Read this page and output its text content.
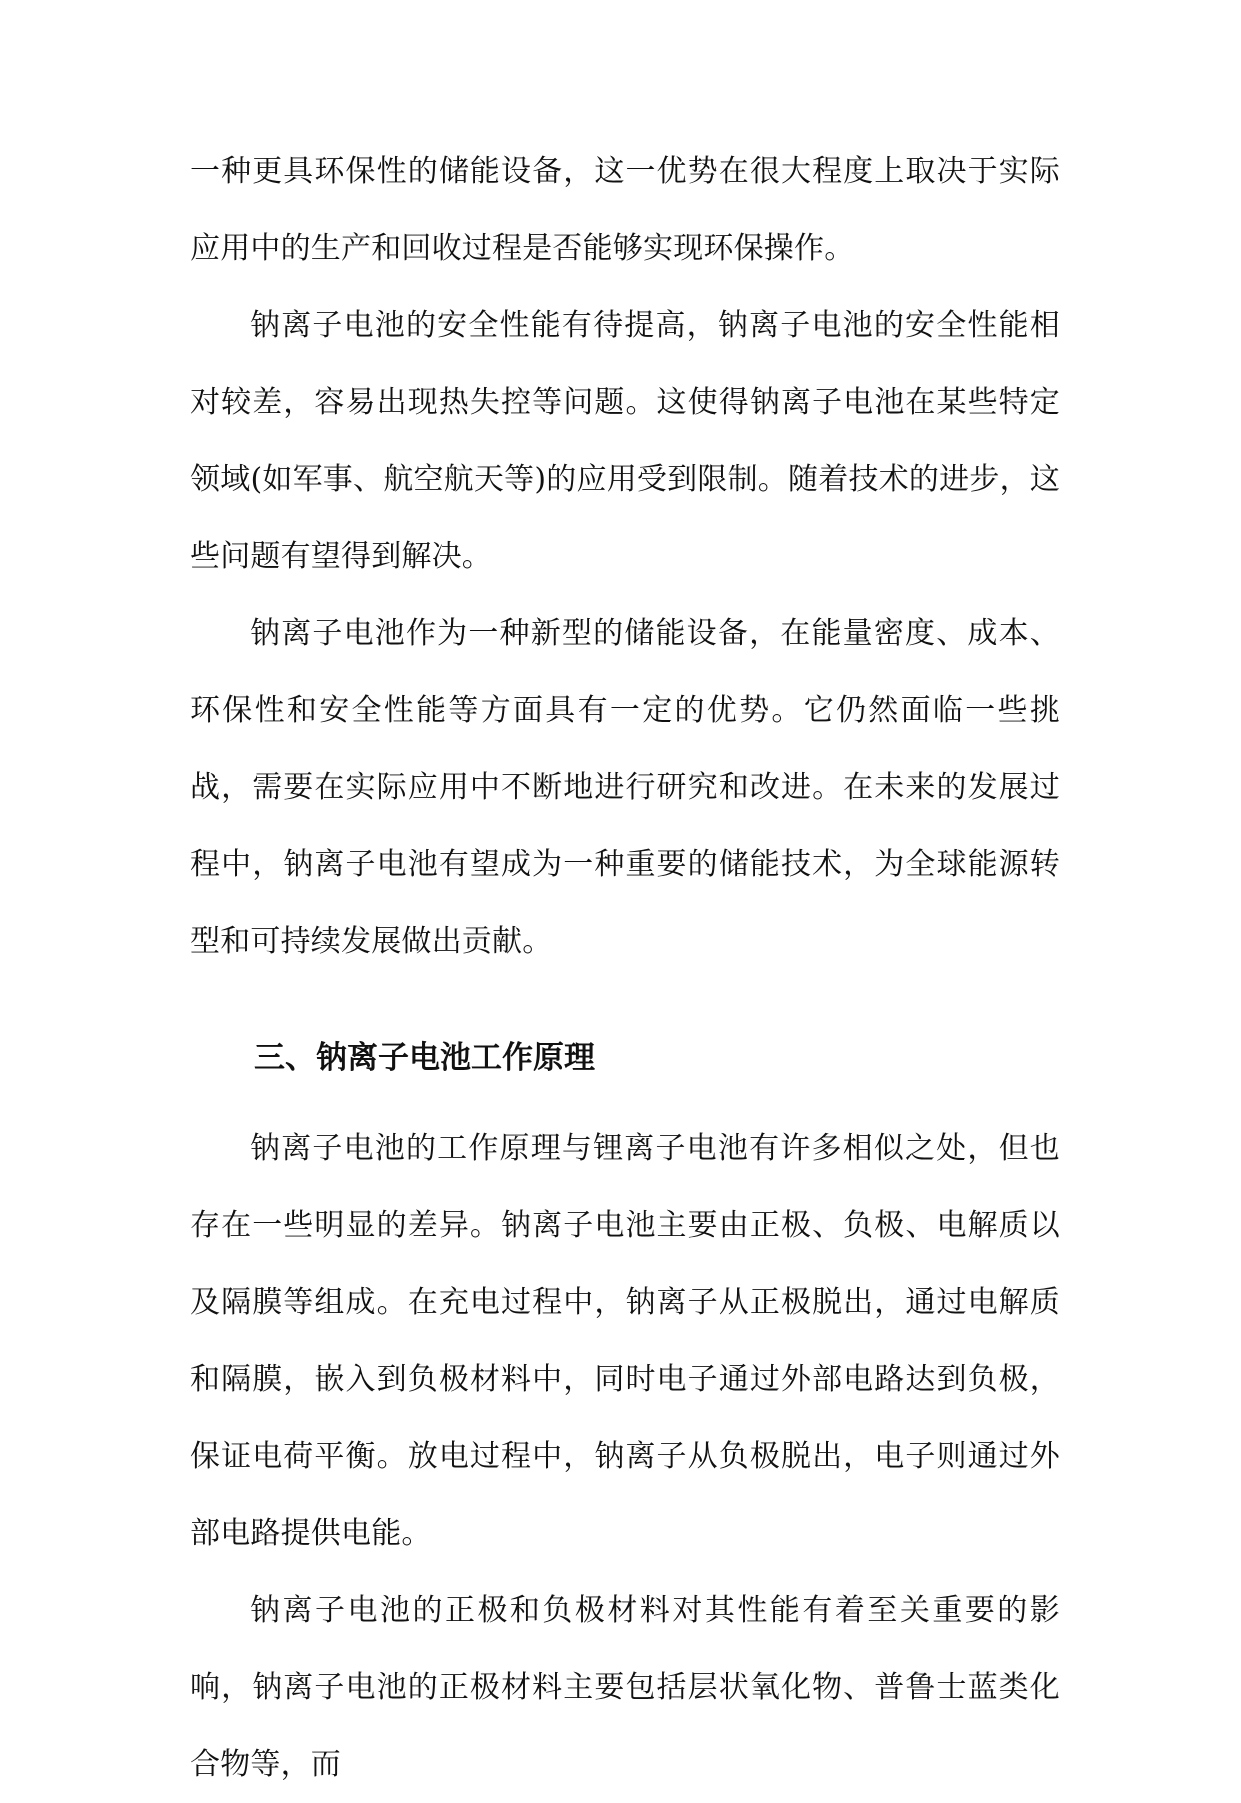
一种更具环保性的储能设备，这一优势在很大程度上取决于实际应用中的生产和回收过程是否能够实现环保操作。

钠离子电池的安全性能有待提高，钠离子电池的安全性能相对较差，容易出现热失控等问题。这使得钠离子电池在某些特定领域(如军事、航空航天等)的应用受到限制。随着技术的进步，这些问题有望得到解决。

钠离子电池作为一种新型的储能设备，在能量密度、成本、环保性和安全性能等方面具有一定的优势。它仍然面临一些挑战，需要在实际应用中不断地进行研究和改进。在未来的发展过程中，钠离子电池有望成为一种重要的储能技术，为全球能源转型和可持续发展做出贡献。

三、钠离子电池工作原理

钠离子电池的工作原理与锂离子电池有许多相似之处，但也存在一些明显的差异。钠离子电池主要由正极、负极、电解质以及隔膜等组成。在充电过程中，钠离子从正极脱出，通过电解质和隔膜，嵌入到负极材料中，同时电子通过外部电路达到负极，保证电荷平衡。放电过程中，钠离子从负极脱出，电子则通过外部电路提供电能。

钠离子电池的正极和负极材料对其性能有着至关重要的影响，钠离子电池的正极材料主要包括层状氧化物、普鲁士蓝类化合物等，而
